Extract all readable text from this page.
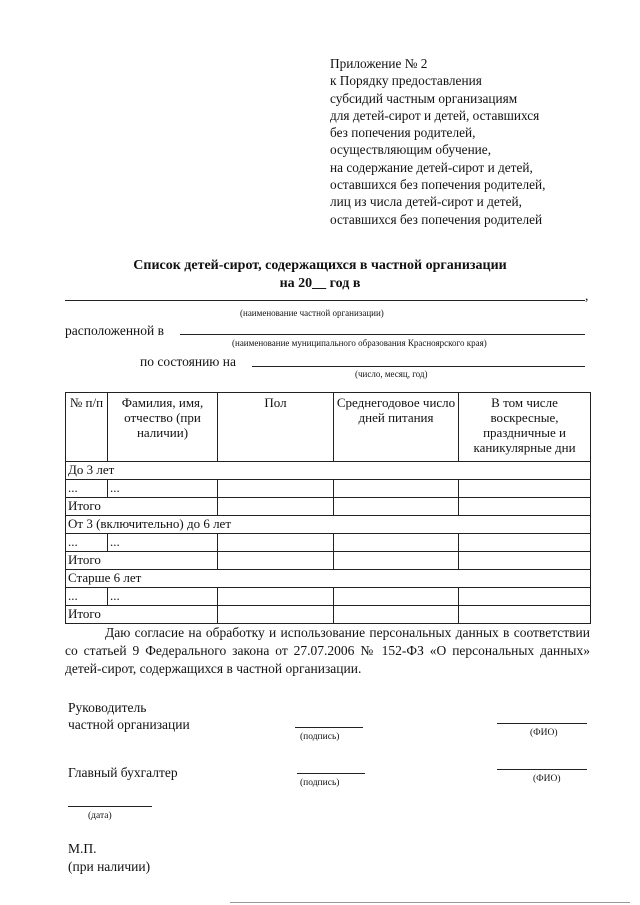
Приложение № 2
к Порядку предоставления
субсидий частным организациям
для детей-сирот и детей, оставшихся
без попечения родителей,
осуществляющим обучение,
на содержание детей-сирот и детей,
оставшихся без попечения родителей,
лиц из числа детей-сирот и детей,
оставшихся без попечения родителей
Список детей-сирот, содержащихся в частной организации
на 20__ год в
,
(наименование частной организации)
расположенной в
(наименование муниципального образования Красноярского края)
по состоянию на
(число, месяц, год)
№ п/п	Фамилия, имя, отчество (при наличии)	Пол	Среднегодовое число дней питания	В том числе воскресные, праздничные и каникулярные дни
До 3 лет				
...	...			
Итого				
От 3 (включительно) до 6 лет				
...	...			
Итого				
Старше 6 лет				
...	...			
Итого				

Даю согласие на обработку и использование персональных данных в соответствии со статьей 9 Федерального закона от 27.07.2006 № 152-ФЗ «О персональных данных» детей-сирот, содержащихся в частной организации.

Руководитель
частной организации
(подпись)	(ФИО)
Главный бухгалтер
(подпись)	(ФИО)
(дата)
М.П.
(при наличии)
